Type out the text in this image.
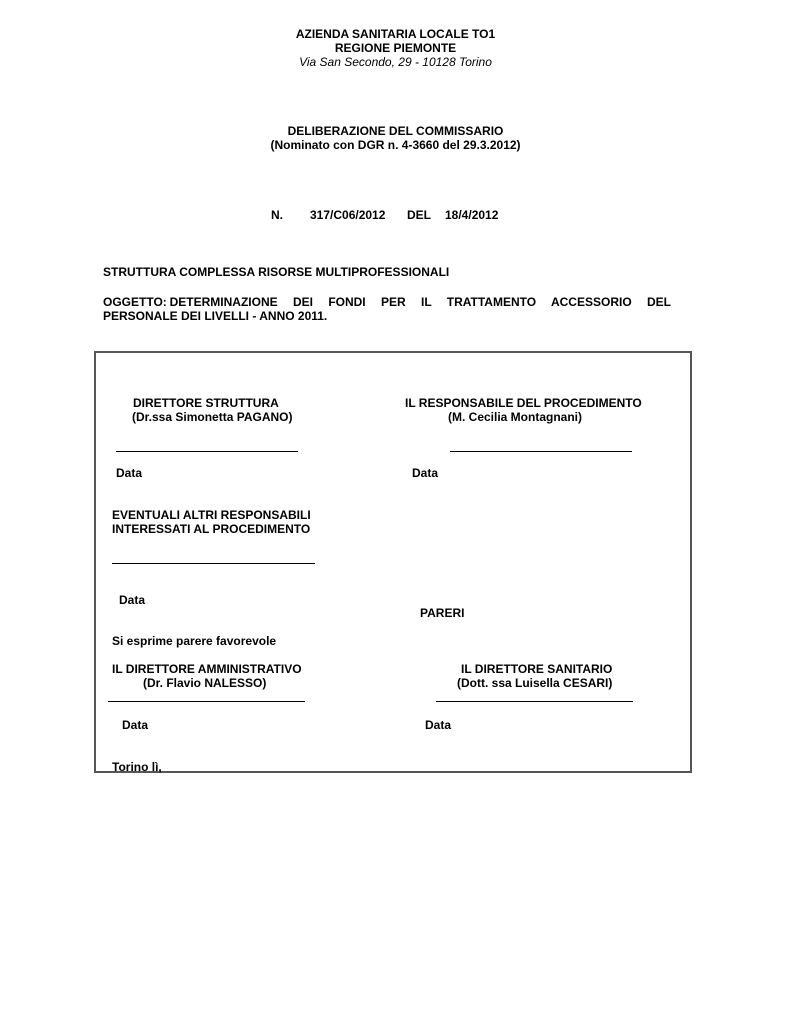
AZIENDA SANITARIA LOCALE TO1
REGIONE PIEMONTE
Via San Secondo, 29 - 10128 Torino
DELIBERAZIONE DEL COMMISSARIO
(Nominato con DGR n. 4-3660 del 29.3.2012)
N. 317/C06/2012 DEL 18/4/2012
STRUTTURA COMPLESSA RISORSE MULTIPROFESSIONALI
OGGETTO: DETERMINAZIONE DEI FONDI PER IL TRATTAMENTO ACCESSORIO DEL
PERSONALE DEI LIVELLI - ANNO 2011.
DIRETTORE STRUTTURA
(Dr.ssa Simonetta PAGANO)
IL RESPONSABILE DEL PROCEDIMENTO
(M. Cecilia Montagnani)
Data	Data
EVENTUALI ALTRI RESPONSABILI
INTERESSATI AL PROCEDIMENTO
Data
PARERI
Si esprime parere favorevole
IL DIRETTORE AMMINISTRATIVO
(Dr. Flavio NALESSO)
IL DIRETTORE SANITARIO
(Dott. ssa Luisella CESARI)
Data	Data
Torino lì,
